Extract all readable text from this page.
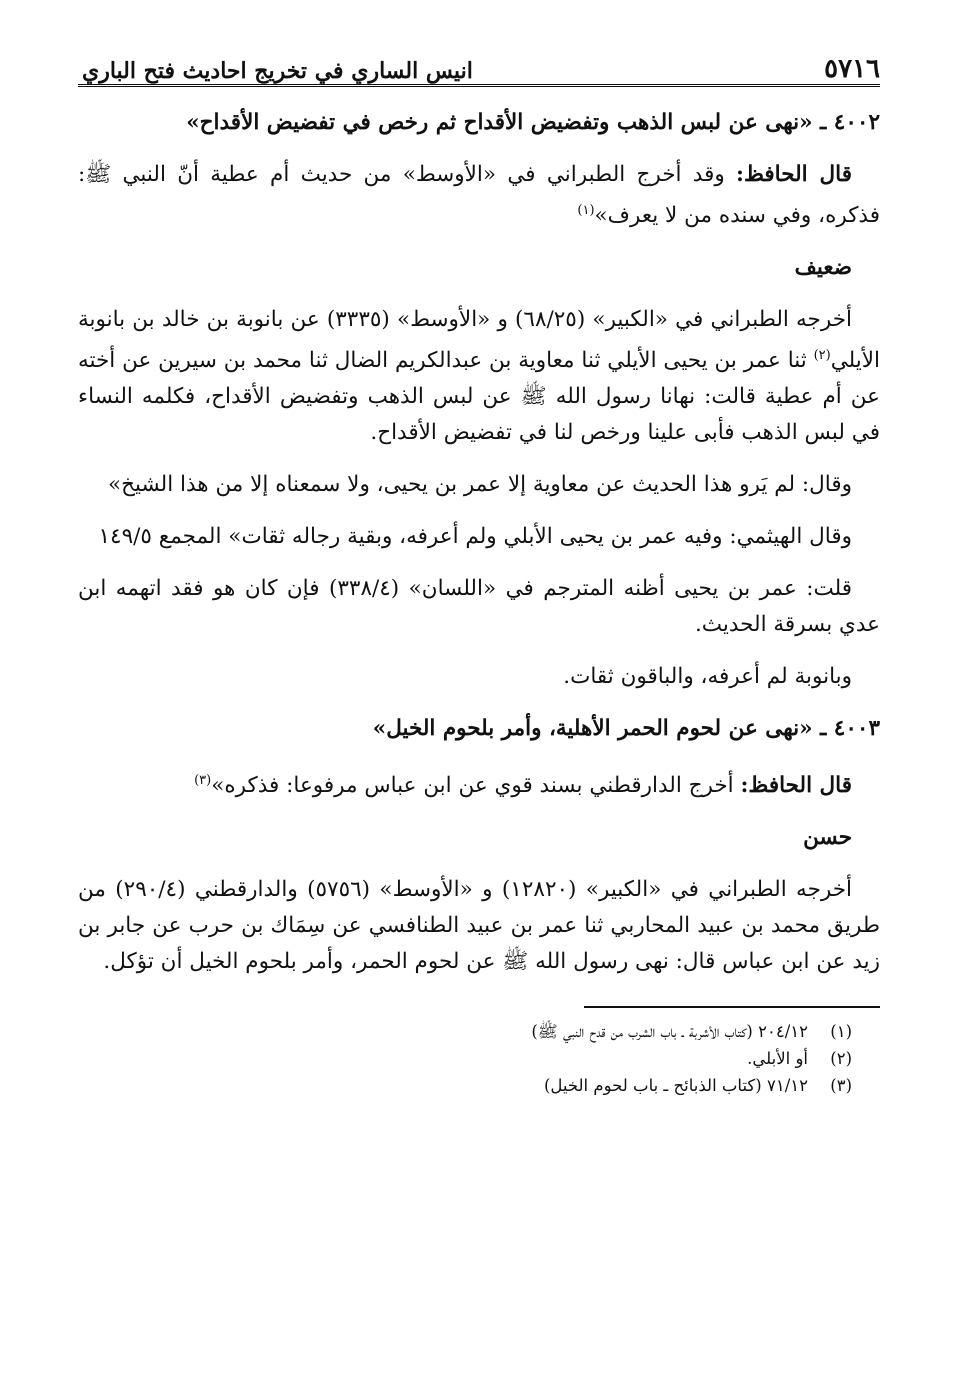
٥٧١٦
انيس الساري في تخريج احاديث فتح الباري

٤٠٠٢ ـ «نهى عن لبس الذهب وتفضيض الأقداح ثم رخص في تفضيض الأقداح»

قال الحافظ: وقد أخرج الطبراني في «الأوسط» من حديث أم عطية أنّ النبي ﷺ: فذكره، وفي سنده من لا يعرف»$^{(١)}$

ضعيف

أخرجه الطبراني في «الكبير» (٦٨/٢٥) و «الأوسط» (٣٣٣٥) عن بانوبة بن خالد بن بانوبة الأيلي$^{(٢)}$ ثنا عمر بن يحيى الأيلي ثنا معاوية بن عبدالكريم الضال ثنا محمد بن سيرين عن أخته عن أم عطية قالت: نهانا رسول الله ﷺ عن لبس الذهب وتفضيض الأقداح، فكلمه النساء في لبس الذهب فأبى علينا ورخص لنا في تفضيض الأقداح.

وقال: لم يَرو هذا الحديث عن معاوية إلا عمر بن يحيى، ولا سمعناه إلا من هذا الشيخ»

وقال الهيثمي: وفيه عمر بن يحيى الأبلي ولم أعرفه، وبقية رجاله ثقات» المجمع ١٤٩/٥

قلت: عمر بن يحيى أظنه المترجم في «اللسان» (٣٣٨/٤) فإن كان هو فقد اتهمه ابن عدي بسرقة الحديث.

وبانوبة لم أعرفه، والباقون ثقات.

٤٠٠٣ ـ «نهى عن لحوم الحمر الأهلية، وأمر بلحوم الخيل»

قال الحافظ: أخرج الدارقطني بسند قوي عن ابن عباس مرفوعا: فذكره»$^{(٣)}$

حسن

أخرجه الطبراني في «الكبير» (١٢٨٢٠) و «الأوسط» (٥٧٥٦) والدارقطني (٢٩٠/٤) من طريق محمد بن عبيد المحاربي ثنا عمر بن عبيد الطنافسي عن سِمَاك بن حرب عن جابر بن زيد عن ابن عباس قال: نهى رسول الله ﷺ عن لحوم الحمر، وأمر بلحوم الخيل أن تؤكل.

(١)
٢٠٤/١٢ (كتاب الأشربة ـ باب الشرب من قدح النبي ﷺ)
(٢)
أو الأبلي.
(٣)
٧١/١٢ (كتاب الذبائح ـ باب لحوم الخيل)
